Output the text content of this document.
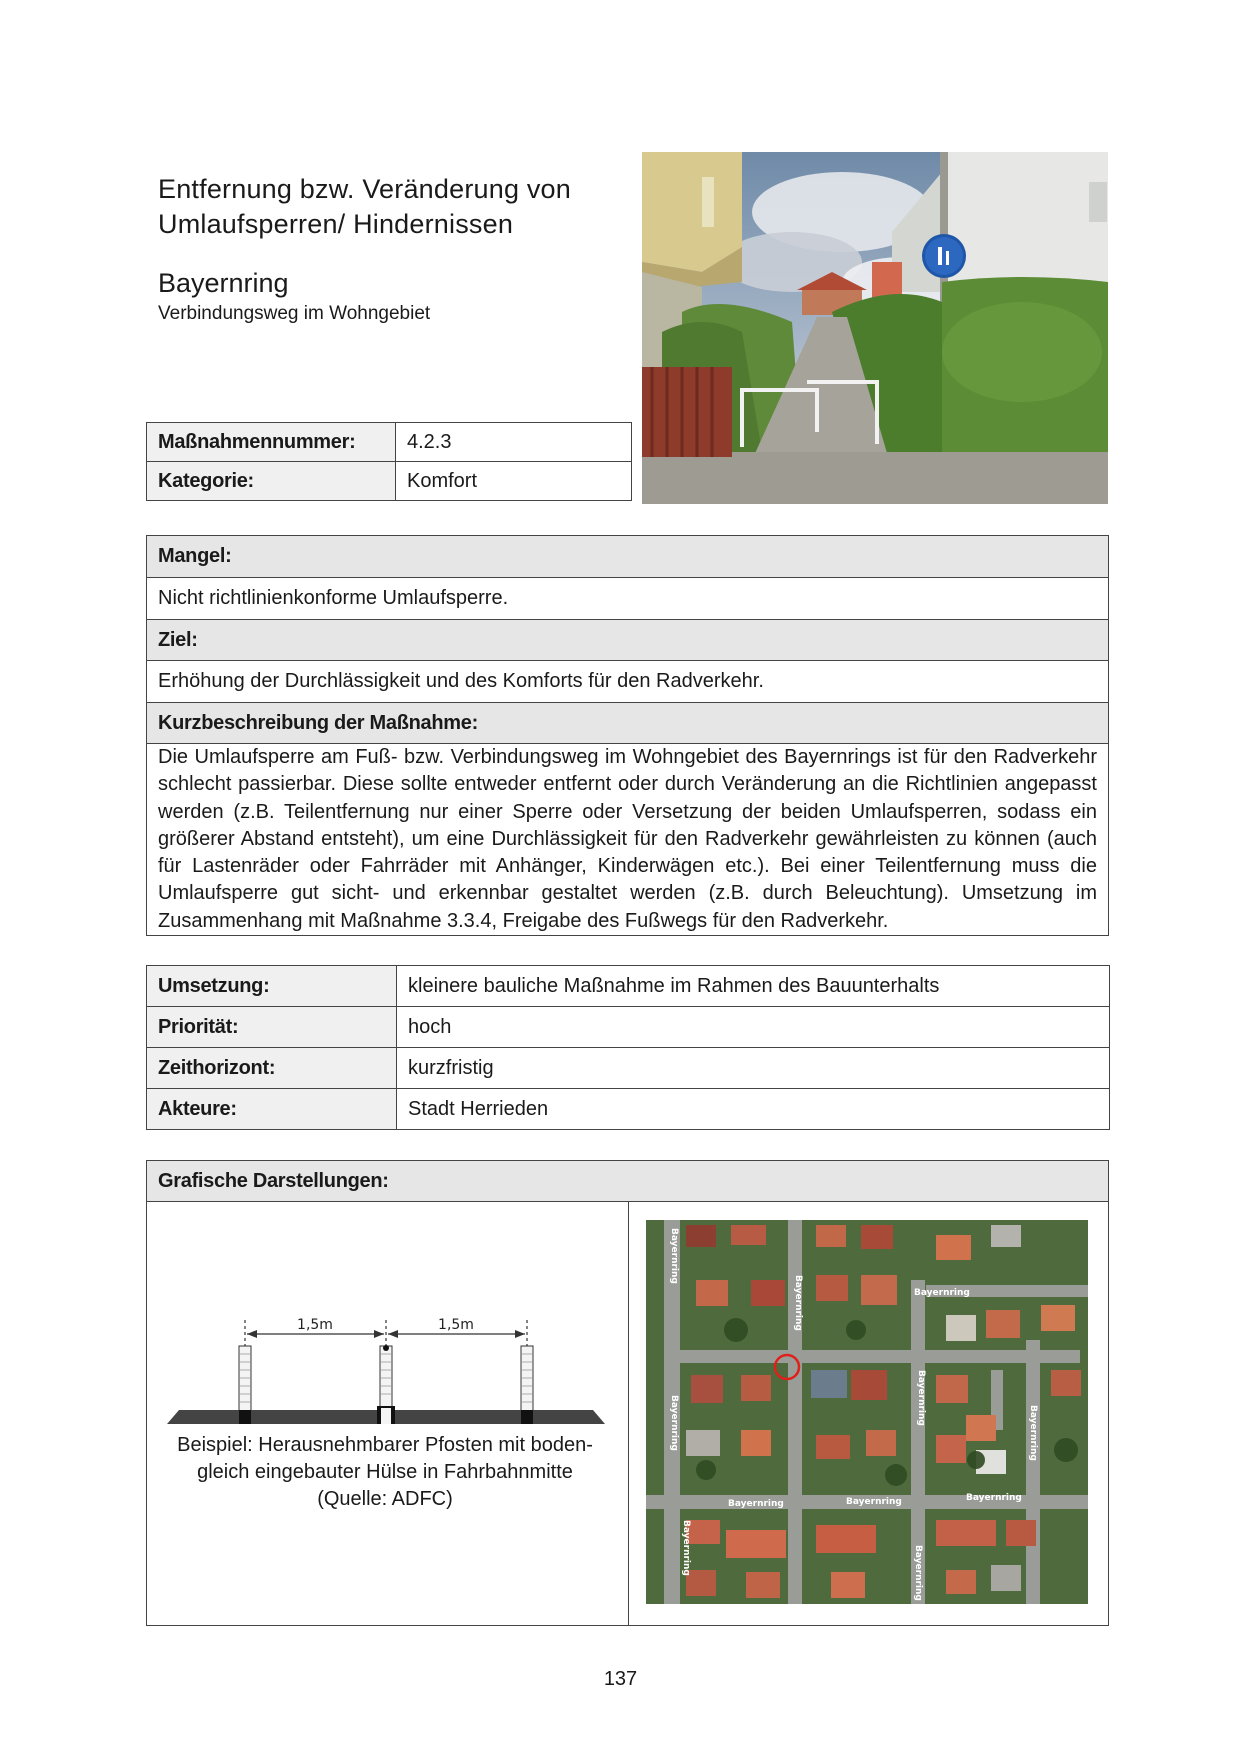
Entfernung bzw. Veränderung von
Umlaufsperren/ Hindernissen
Bayernring
Verbindungsweg im Wohngebiet
Maßnahmennummer:	4.2.3
Kategorie:	Komfort
Mangel:
Nicht richtlinienkonforme Umlaufsperre.
Ziel:
Erhöhung der Durchlässigkeit und des Komforts für den Radverkehr.
Kurzbeschreibung der Maßnahme:
Die Umlaufsperre am Fuß- bzw. Verbindungsweg im Wohngebiet des Bayernrings ist für den Radverkehr schlecht passierbar. Diese sollte entweder entfernt oder durch Veränderung an die Richtlinien angepasst werden (z.B. Teilentfernung nur einer Sperre oder Versetzung der beiden Umlaufsperren, sodass ein größerer Abstand entsteht), um eine Durchlässigkeit für den Radverkehr gewährleisten zu können (auch für Lastenräder oder Fahrräder mit Anhänger, Kinderwägen etc.). Bei einer Teilentfernung muss die Umlaufsperre gut sicht- und erkennbar gestaltet werden (z.B. durch Beleuchtung). Umsetzung im Zusammenhang mit Maßnahme 3.3.4, Freigabe des Fußwegs für den Radverkehr.
Umsetzung:	kleinere bauliche Maßnahme im Rahmen des Bauunterhalts
Priorität:	hoch
Zeithorizont:	kurzfristig
Akteure:	Stadt Herrieden
Grafische Darstellungen:
1,5m	1,5m
Beispiel: Herausnehmbarer Pfosten mit boden-
gleich eingebauter Hülse in Fahrbahnmitte
(Quelle: ADFC)
Bayernring
Bayernring	Bayernring
Bayernring
Bayernring	Bayernring
Bayernring	Bayernring	Bayernring
Bayernring	Bayernring
137
